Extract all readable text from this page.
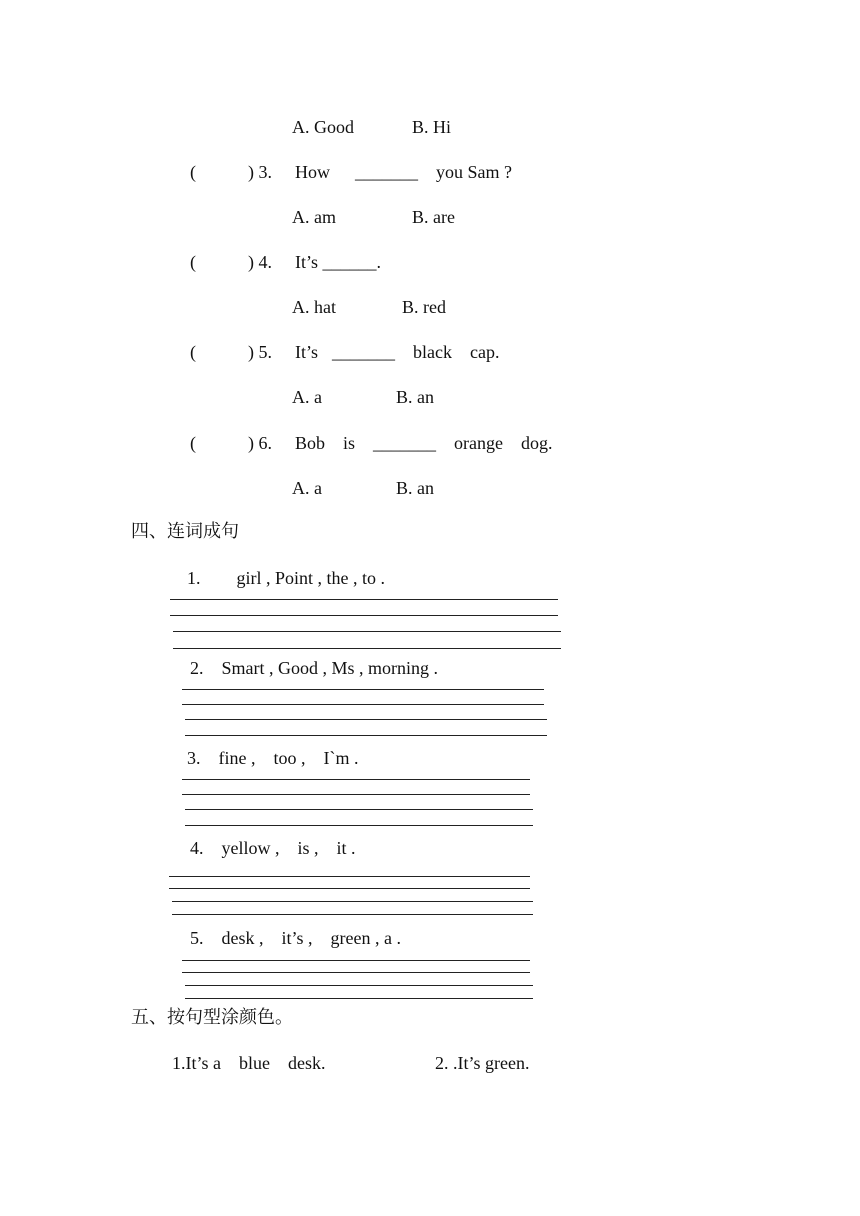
A. Good	B. Hi
(	) 3. How _______ you Sam ?
A. am	B. are
(	) 4. It’s ______.
A. hat	B. red
(	) 5. It’s _______ black    cap.
A. a	B. an
(	) 6. Bob    is _______ orange    dog.
A. a	B. an
四、连词成句
1.        girl , Point , the , to .
2.    Smart , Good , Ms , morning .
3.    fine ,    too ,    I`m .
4.    yellow ,    is ,    it .
5.    desk ,    it’s ,    green , a .
五、按句型涂颜色。
1.It’s a    blue    desk.	2. .It’s green.
